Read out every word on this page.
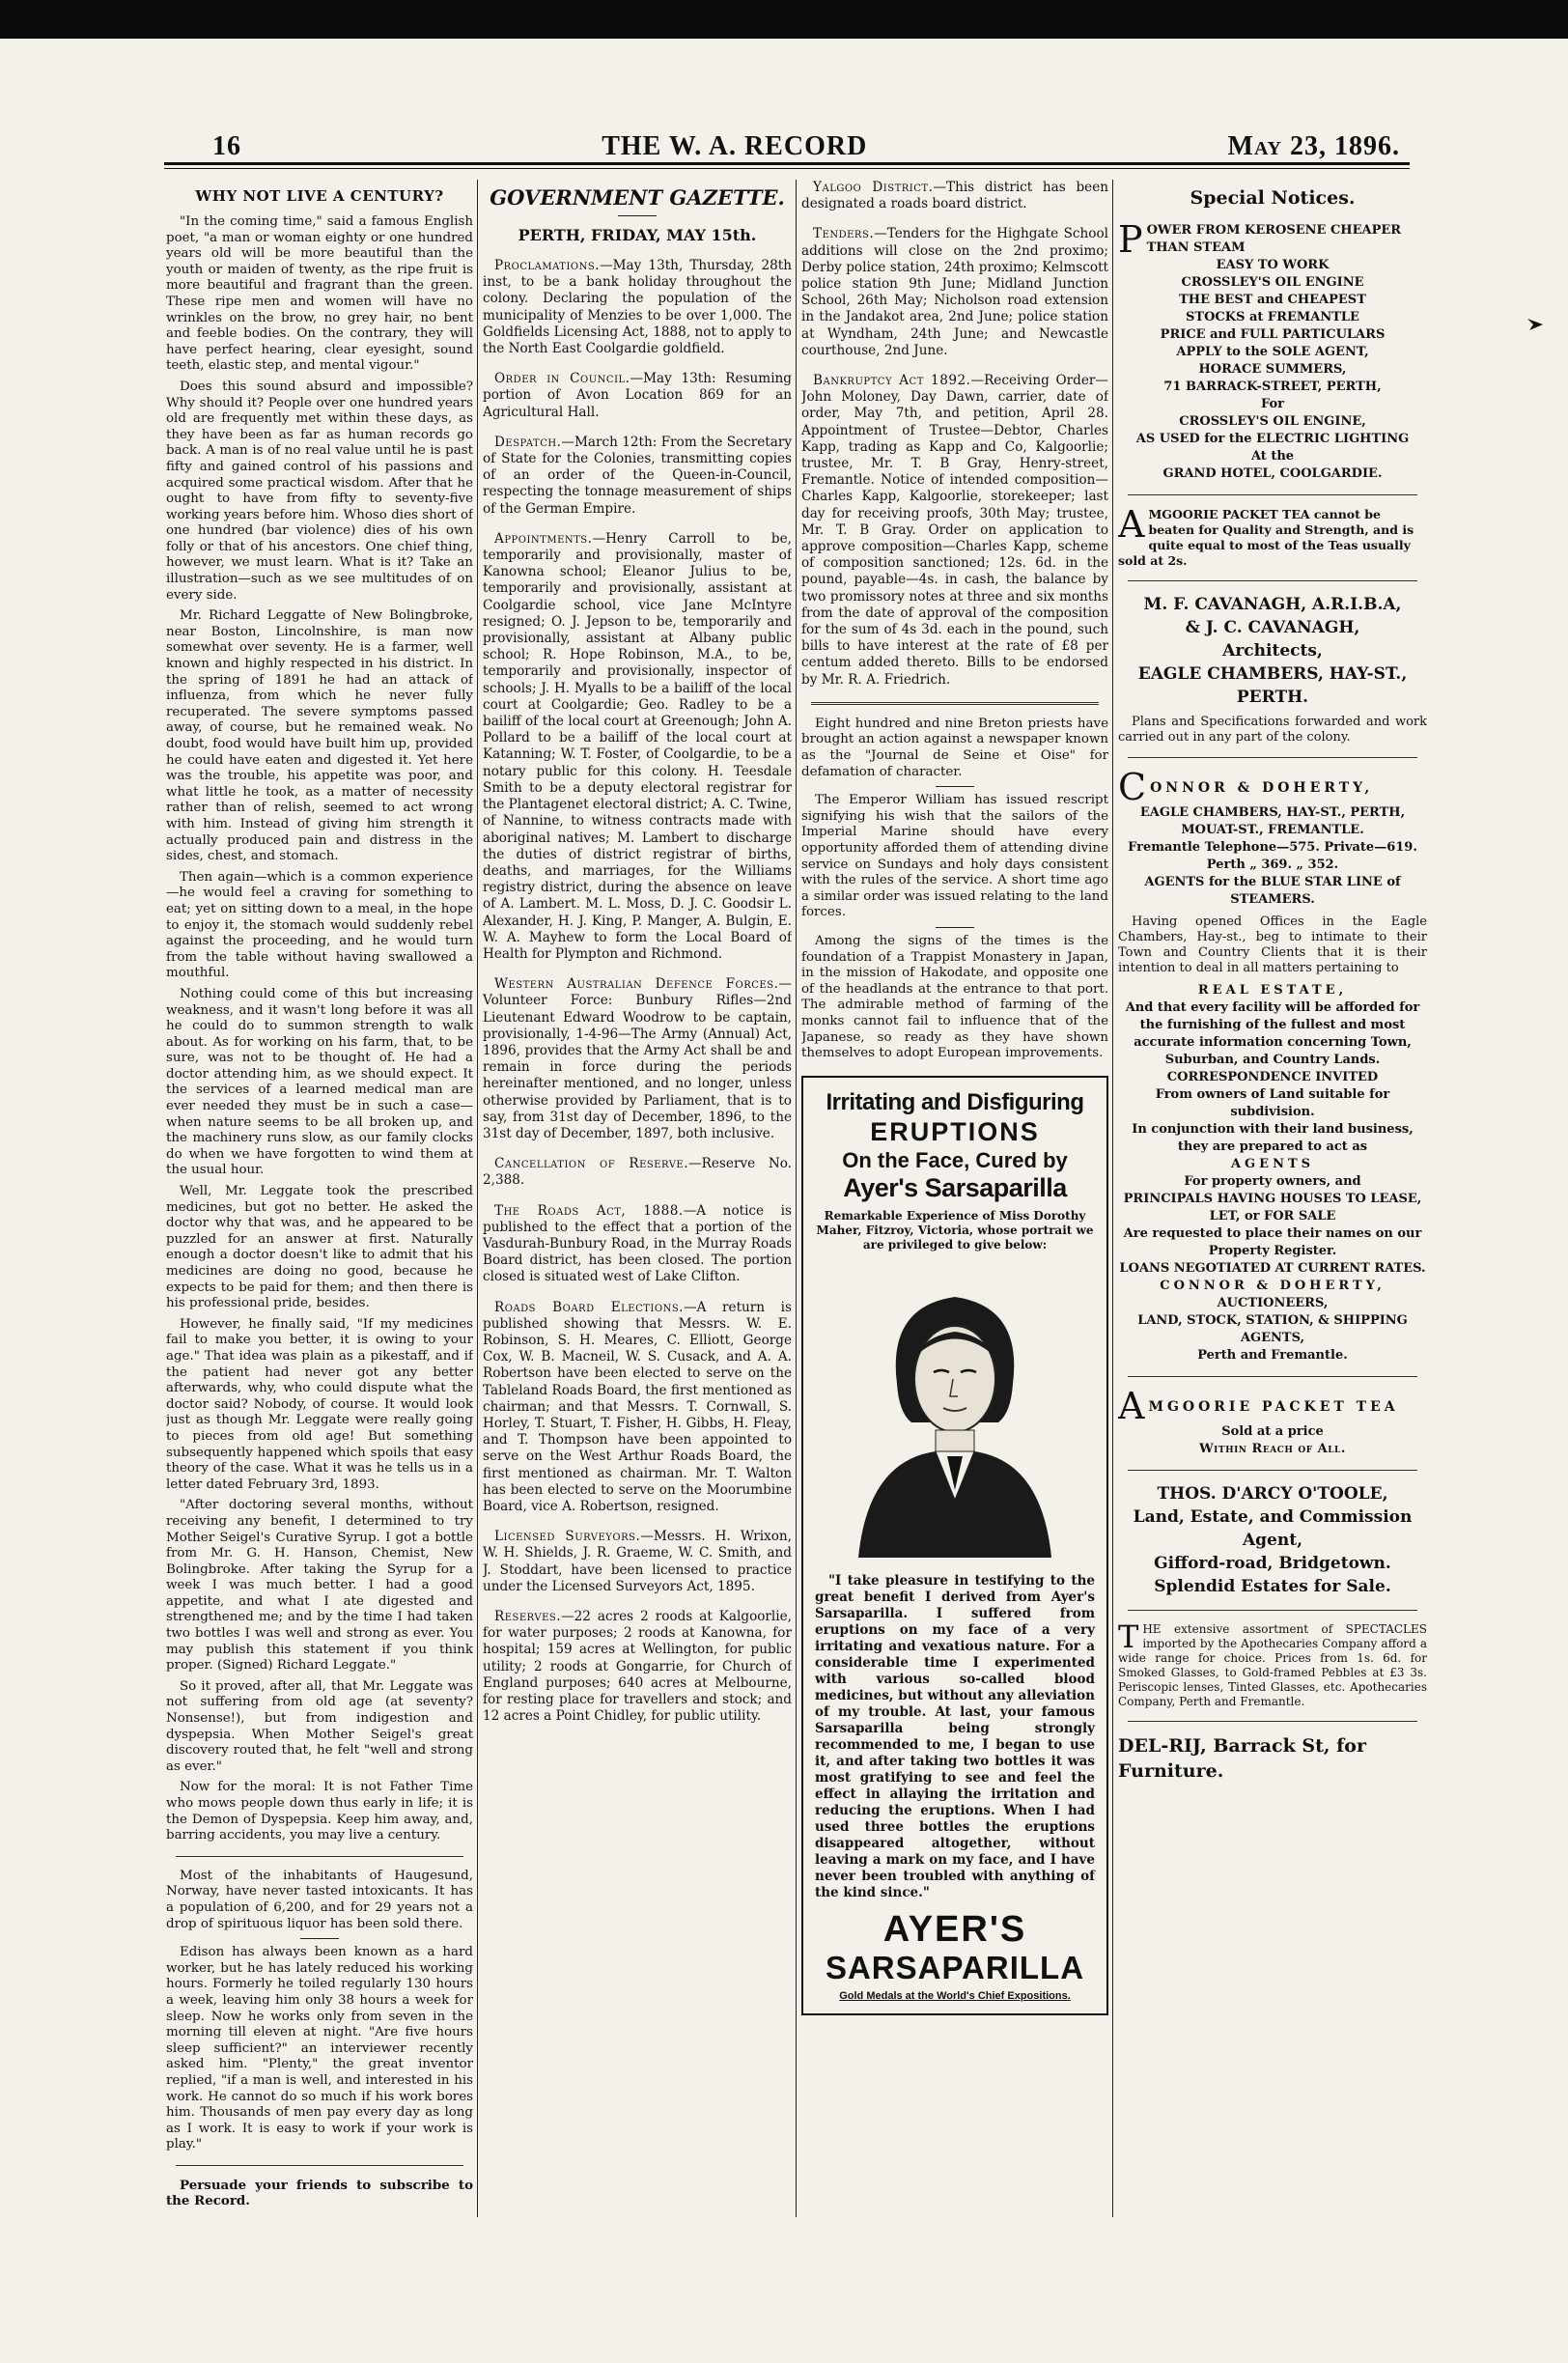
16	THE W. A. RECORD	May 23, 1896.
WHY NOT LIVE A CENTURY?

"In the coming time," said a famous English poet, "a man or woman eighty or one hundred years old will be more beautiful than the youth or maiden of twenty, as the ripe fruit is more beautiful and fragrant than the green. These ripe men and women will have no wrinkles on the brow, no grey hair, no bent and feeble bodies. On the contrary, they will have perfect hearing, clear eyesight, sound teeth, elastic step, and mental vigour."

Does this sound absurd and impossible? Why should it? People over one hundred years old are frequently met within these days, as they have been as far as human records go back. A man is of no real value until he is past fifty and gained control of his passions and acquired some practical wisdom. After that he ought to have from fifty to seventy-five working years before him. Whoso dies short of one hundred (bar violence) dies of his own folly or that of his ancestors. One chief thing, however, we must learn. What is it? Take an illustration—such as we see multitudes of on every side.

Mr. Richard Leggatte of New Bolingbroke, near Boston, Lincolnshire, is man now somewhat over seventy. He is a farmer, well known and highly respected in his district. In the spring of 1891 he had an attack of influenza, from which he never fully recuperated. The severe symptoms passed away, of course, but he remained weak. No doubt, food would have built him up, provided he could have eaten and digested it. Yet here was the trouble, his appetite was poor, and what little he took, as a matter of necessity rather than of relish, seemed to act wrong with him. Instead of giving him strength it actually produced pain and distress in the sides, chest, and stomach.

Then again—which is a common experience—he would feel a craving for something to eat; yet on sitting down to a meal, in the hope to enjoy it, the stomach would suddenly rebel against the proceeding, and he would turn from the table without having swallowed a mouthful.

Nothing could come of this but increasing weakness, and it wasn't long before it was all he could do to summon strength to walk about. As for working on his farm, that, to be sure, was not to be thought of. He had a doctor attending him, as we should expect. It the services of a learned medical man are ever needed they must be in such a case—when nature seems to be all broken up, and the machinery runs slow, as our family clocks do when we have forgotten to wind them at the usual hour.

Well, Mr. Leggate took the prescribed medicines, but got no better. He asked the doctor why that was, and he appeared to be puzzled for an answer at first. Naturally enough a doctor doesn't like to admit that his medicines are doing no good, because he expects to be paid for them; and then there is his professional pride, besides.

However, he finally said, "If my medicines fail to make you better, it is owing to your age." That idea was plain as a pikestaff, and if the patient had never got any better afterwards, why, who could dispute what the doctor said? Nobody, of course. It would look just as though Mr. Leggate were really going to pieces from old age! But something subsequently happened which spoils that easy theory of the case. What it was he tells us in a letter dated February 3rd, 1893.

"After doctoring several months, without receiving any benefit, I determined to try Mother Seigel's Curative Syrup. I got a bottle from Mr. G. H. Hanson, Chemist, New Bolingbroke. After taking the Syrup for a week I was much better. I had a good appetite, and what I ate digested and strengthened me; and by the time I had taken two bottles I was well and strong as ever. You may publish this statement if you think proper. (Signed) Richard Leggate."

So it proved, after all, that Mr. Leggate was not suffering from old age (at seventy? Nonsense!), but from indigestion and dyspepsia. When Mother Seigel's great discovery routed that, he felt "well and strong as ever."

Now for the moral: It is not Father Time who mows people down thus early in life; it is the Demon of Dyspepsia. Keep him away, and, barring accidents, you may live a century.

Most of the inhabitants of Haugesund, Norway, have never tasted intoxicants. It has a population of 6,200, and for 29 years not a drop of spirituous liquor has been sold there.

Edison has always been known as a hard worker, but he has lately reduced his working hours. Formerly he toiled regularly 130 hours a week, leaving him only 38 hours a week for sleep. Now he works only from seven in the morning till eleven at night. "Are five hours sleep sufficient?" an interviewer recently asked him. "Plenty," the great inventor replied, "if a man is well, and interested in his work. He cannot do so much if his work bores him. Thousands of men pay every day as long as I work. It is easy to work if your work is play."

Persuade your friends to subscribe to the Record.

GOVERNMENT GAZETTE.
PERTH, FRIDAY, MAY 15th.

Proclamations.—May 13th, Thursday, 28th inst, to be a bank holiday throughout the colony. Declaring the population of the municipality of Menzies to be over 1,000. The Goldfields Licensing Act, 1888, not to apply to the North East Coolgardie goldfield.

Order in Council.—May 13th: Resuming portion of Avon Location 869 for an Agricultural Hall.

Despatch.—March 12th: From the Secretary of State for the Colonies, transmitting copies of an order of the Queen-in-Council, respecting the tonnage measurement of ships of the German Empire.

Appointments.—Henry Carroll to be, temporarily and provisionally, master of Kanowna school; Eleanor Julius to be, temporarily and provisionally, assistant at Coolgardie school, vice Jane McIntyre resigned; O. J. Jepson to be, temporarily and provisionally, assistant at Albany public school; R. Hope Robinson, M.A., to be, temporarily and provisionally, inspector of schools; J. H. Myalls to be a bailiff of the local court at Coolgardie; Geo. Radley to be a bailiff of the local court at Greenough; John A. Pollard to be a bailiff of the local court at Katanning; W. T. Foster, of Coolgardie, to be a notary public for this colony. H. Teesdale Smith to be a deputy electoral registrar for the Plantagenet electoral district; A. C. Twine, of Nannine, to witness contracts made with aboriginal natives; M. Lambert to discharge the duties of district registrar of births, deaths, and marriages, for the Williams registry district, during the absence on leave of A. Lambert. M. L. Moss, D. J. C. Goodsir L. Alexander, H. J. King, P. Manger, A. Bulgin, E. W. A. Mayhew to form the Local Board of Health for Plympton and Richmond.

Western Australian Defence Forces.—Volunteer Force: Bunbury Rifles—2nd Lieutenant Edward Woodrow to be captain, provisionally, 1-4-96—The Army (Annual) Act, 1896, provides that the Army Act shall be and remain in force during the periods hereinafter mentioned, and no longer, unless otherwise provided by Parliament, that is to say, from 31st day of December, 1896, to the 31st day of December, 1897, both inclusive.

Cancellation of Reserve.—Reserve No. 2,388.

The Roads Act, 1888.—A notice is published to the effect that a portion of the Vasdurah-Bunbury Road, in the Murray Roads Board district, has been closed. The portion closed is situated west of Lake Clifton.

Roads Board Elections.—A return is published showing that Messrs. W. E. Robinson, S. H. Meares, C. Elliott, George Cox, W. B. Macneil, W. S. Cusack, and A. A. Robertson have been elected to serve on the Tableland Roads Board, the first mentioned as chairman; and that Messrs. T. Cornwall, S. Horley, T. Stuart, T. Fisher, H. Gibbs, H. Fleay, and T. Thompson have been appointed to serve on the West Arthur Roads Board, the first mentioned as chairman. Mr. T. Walton has been elected to serve on the Moorumbine Board, vice A. Robertson, resigned.

Licensed Surveyors.—Messrs. H. Wrixon, W. H. Shields, J. R. Graeme, W. C. Smith, and J. Stoddart, have been licensed to practice under the Licensed Surveyors Act, 1895.

Reserves.—22 acres 2 roods at Kalgoorlie, for water purposes; 2 roods at Kanowna, for hospital; 159 acres at Wellington, for public utility; 2 roods at Gongarrie, for Church of England purposes; 640 acres at Melbourne, for resting place for travellers and stock; and 12 acres a Point Chidley, for public utility.

Yalgoo District.—This district has been designated a roads board district.

Tenders.—Tenders for the Highgate School additions will close on the 2nd proximo; Derby police station, 24th proximo; Kelmscott police station 9th June; Midland Junction School, 26th May; Nicholson road extension in the Jandakot area, 2nd June; police station at Wyndham, 24th June; and Newcastle courthouse, 2nd June.

Bankruptcy Act 1892.—Receiving Order—John Moloney, Day Dawn, carrier, date of order, May 7th, and petition, April 28. Appointment of Trustee—Debtor, Charles Kapp, trading as Kapp and Co, Kalgoorlie; trustee, Mr. T. B Gray, Henry-street, Fremantle. Notice of intended composition—Charles Kapp, Kalgoorlie, storekeeper; last day for receiving proofs, 30th May; trustee, Mr. T. B Gray. Order on application to approve composition—Charles Kapp, scheme of composition sanctioned; 12s. 6d. in the pound, payable—4s. in cash, the balance by two promissory notes at three and six months from the date of approval of the composition for the sum of 4s 3d. each in the pound, such bills to have interest at the rate of £8 per centum added thereto. Bills to be endorsed by Mr. R. A. Friedrich.

Eight hundred and nine Breton priests have brought an action against a newspaper known as the "Journal de Seine et Oise" for defamation of character.

The Emperor William has issued rescript signifying his wish that the sailors of the Imperial Marine should have every opportunity afforded them of attending divine service on Sundays and holy days consistent with the rules of the service. A short time ago a similar order was issued relating to the land forces.

Among the signs of the times is the foundation of a Trappist Monastery in Japan, in the mission of Hakodate, and opposite one of the headlands at the entrance to that port. The admirable method of farming of the monks cannot fail to influence that of the Japanese, so ready as they have shown themselves to adopt European improvements.

Irritating and Disfiguring
ERUPTIONS
On the Face, Cured by
Ayer's Sarsaparilla
Remarkable Experience of Miss Dorothy Maher, Fitzroy, Victoria, whose portrait we are privileged to give below:

"I take pleasure in testifying to the great benefit I derived from Ayer's Sarsaparilla. I suffered from eruptions on my face of a very irritating and vexatious nature. For a considerable time I experimented with various so-called blood medicines, but without any alleviation of my trouble. At last, your famous Sarsaparilla being strongly recommended to me, I began to use it, and after taking two bottles it was most gratifying to see and feel the effect in allaying the irritation and reducing the eruptions. When I had used three bottles the eruptions disappeared altogether, without leaving a mark on my face, and I have never been troubled with anything of the kind since."

AYER'S
SARSAPARILLA
Gold Medals at the World's Chief Expositions.
Special Notices.
P OWER FROM KEROSENE CHEAPER THAN STEAM
EASY TO WORK
CROSSLEY'S OIL ENGINE
THE BEST and CHEAPEST
STOCKS at FREMANTLE
PRICE and FULL PARTICULARS
APPLY to the SOLE AGENT,
HORACE SUMMERS,
71 BARRACK-STREET, PERTH,
For
CROSSLEY'S OIL ENGINE,
AS USED for the ELECTRIC LIGHTING
At the
GRAND HOTEL, COOLGARDIE.
A MGOORIE PACKET TEA cannot be beaten for Quality and Strength, and is quite equal to most of the Teas usually sold at 2s.
M. F. CAVANAGH, A.R.I.B.A,
& J. C. CAVANAGH,
Architects,
EAGLE CHAMBERS, HAY-ST.,
PERTH.
Plans and Specifications forwarded and work carried out in any part of the colony.
C ONNOR & DOHERTY,
EAGLE CHAMBERS, HAY-ST., PERTH,
MOUAT-ST., FREMANTLE.
Fremantle Telephone—575. Private—619.
Perth „ 369. „ 352.
AGENTS for the BLUE STAR LINE of STEAMERS.
Having opened Offices in the Eagle Chambers, Hay-st., beg to intimate to their Town and Country Clients that it is their intention to deal in all matters pertaining to
REAL ESTATE,
And that every facility will be afforded for the furnishing of the fullest and most accurate information concerning Town, Suburban, and Country Lands.
CORRESPONDENCE INVITED
From owners of Land suitable for subdivision.
In conjunction with their land business, they are prepared to act as
AGENTS
For property owners, and
PRINCIPALS HAVING HOUSES TO LEASE, LET, or FOR SALE
Are requested to place their names on our Property Register.
LOANS NEGOTIATED AT CURRENT RATES.
CONNOR & DOHERTY,
AUCTIONEERS,
LAND, STOCK, STATION, & SHIPPING AGENTS,
Perth and Fremantle.
A MGOORIE PACKET TEA
Sold at a price
Within Reach of All.
THOS. D'ARCY O'TOOLE,
Land, Estate, and Commission
Agent,
Gifford-road, Bridgetown.
Splendid Estates for Sale.
T HE extensive assortment of SPECTACLES imported by the Apothecaries Company afford a wide range for choice. Prices from 1s. 6d. for Smoked Glasses, to Gold-framed Pebbles at £3 3s. Periscopic lenses, Tinted Glasses, etc. Apothecaries Company, Perth and Fremantle.
DEL-RIJ, Barrack St, for Furniture.
